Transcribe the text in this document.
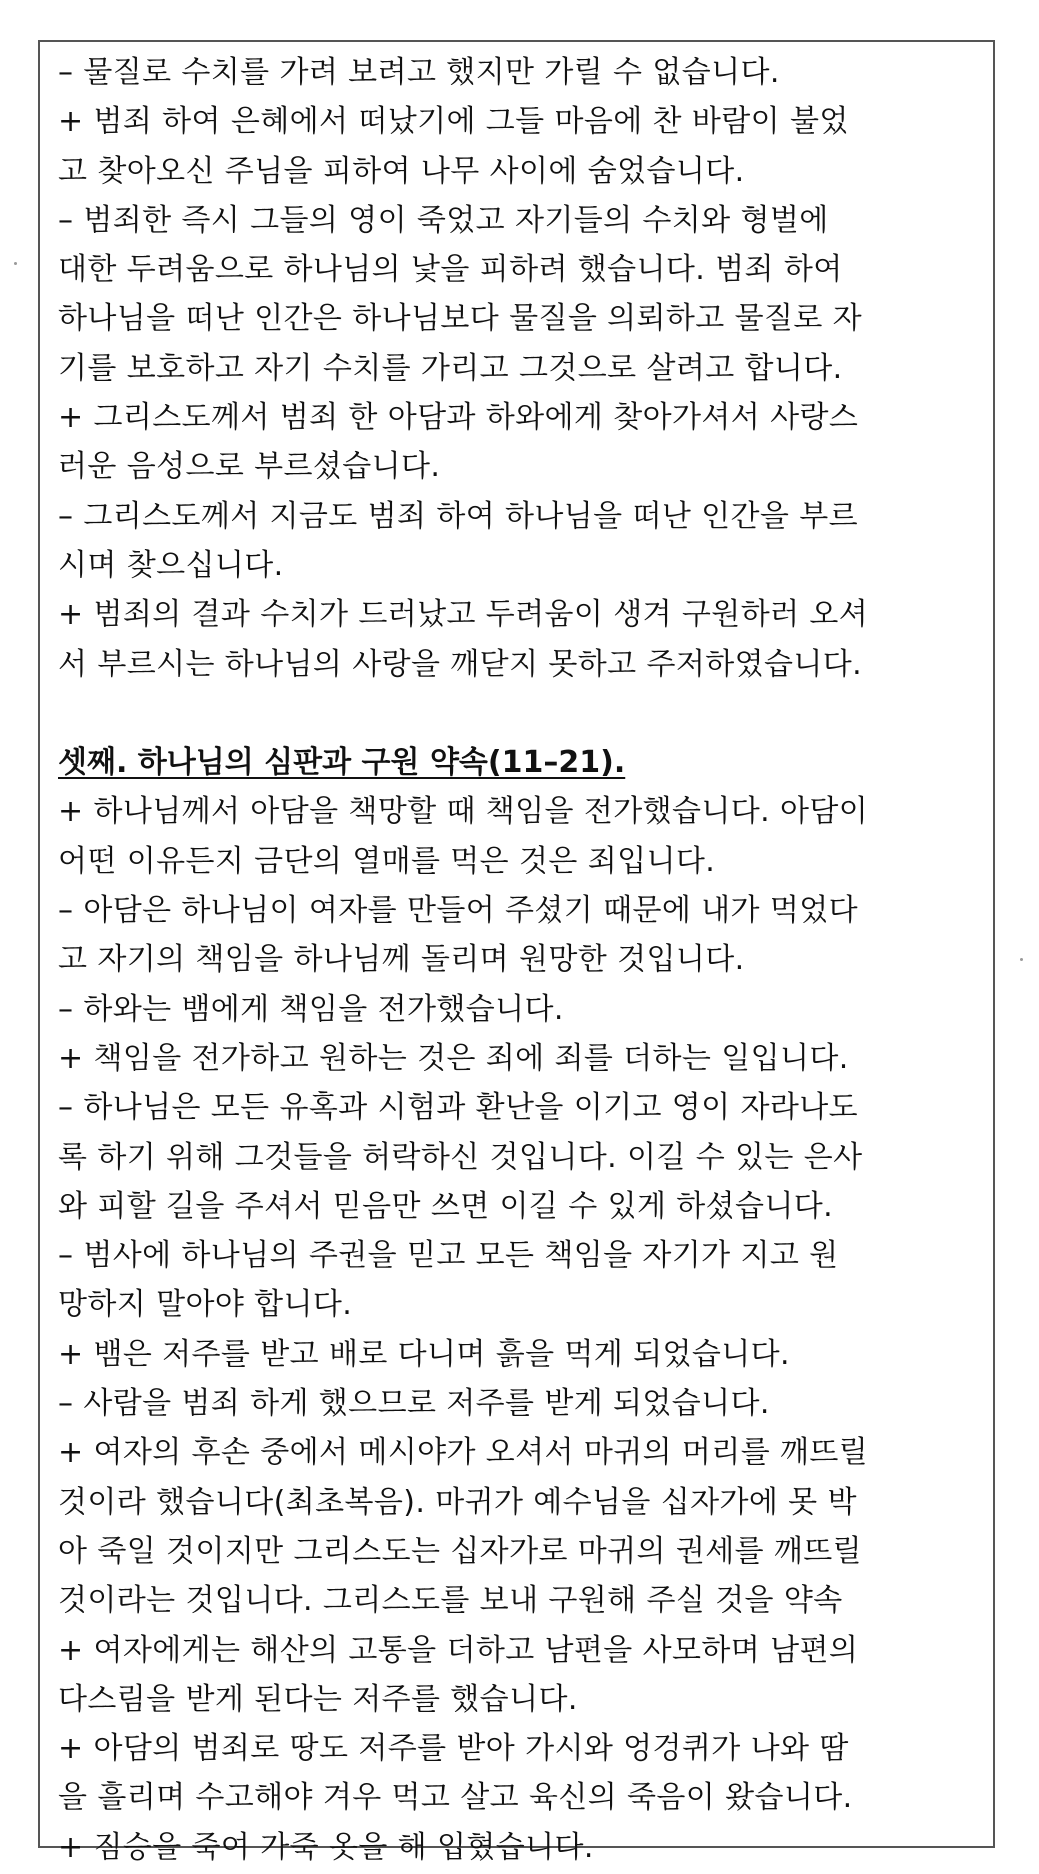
– 물질로 수치를 가려 보려고 했지만 가릴 수 없습니다.
+ 범죄 하여 은혜에서 떠났기에 그들 마음에 찬 바람이 불었
고 찾아오신 주님을 피하여 나무 사이에 숨었습니다.
– 범죄한 즉시 그들의 영이 죽었고 자기들의 수치와 형벌에
대한 두려움으로 하나님의 낯을 피하려 했습니다. 범죄 하여
하나님을 떠난 인간은 하나님보다 물질을 의뢰하고 물질로 자
기를 보호하고 자기 수치를 가리고 그것으로 살려고 합니다.
+ 그리스도께서 범죄 한 아담과 하와에게 찾아가셔서 사랑스
러운 음성으로 부르셨습니다.
– 그리스도께서 지금도 범죄 하여 하나님을 떠난 인간을 부르
시며 찾으십니다.
+ 범죄의 결과 수치가 드러났고 두려움이 생겨 구원하러 오셔
서 부르시는 하나님의 사랑을 깨닫지 못하고 주저하였습니다.
셋째. 하나님의 심판과 구원 약속(11–21).
+ 하나님께서 아담을 책망할 때 책임을 전가했습니다. 아담이
어떤 이유든지 금단의 열매를 먹은 것은 죄입니다.
– 아담은 하나님이 여자를 만들어 주셨기 때문에 내가 먹었다
고 자기의 책임을 하나님께 돌리며 원망한 것입니다.
– 하와는 뱀에게 책임을 전가했습니다.
+ 책임을 전가하고 원하는 것은 죄에 죄를 더하는 일입니다.
– 하나님은 모든 유혹과 시험과 환난을 이기고 영이 자라나도
록 하기 위해 그것들을 허락하신 것입니다. 이길 수 있는 은사
와 피할 길을 주셔서 믿음만 쓰면 이길 수 있게 하셨습니다.
– 범사에 하나님의 주권을 믿고 모든 책임을 자기가 지고 원
망하지 말아야 합니다.
+ 뱀은 저주를 받고 배로 다니며 흙을 먹게 되었습니다.
– 사람을 범죄 하게 했으므로 저주를 받게 되었습니다.
+ 여자의 후손 중에서 메시야가 오셔서 마귀의 머리를 깨뜨릴
것이라 했습니다(최초복음). 마귀가 예수님을 십자가에 못 박
아 죽일 것이지만 그리스도는 십자가로 마귀의 권세를 깨뜨릴
것이라는 것입니다. 그리스도를 보내 구원해 주실 것을 약속
+ 여자에게는 해산의 고통을 더하고 남편을 사모하며 남편의
다스림을 받게 된다는 저주를 했습니다.
+ 아담의 범죄로 땅도 저주를 받아 가시와 엉겅퀴가 나와 땀
을 흘리며 수고해야 겨우 먹고 살고 육신의 죽음이 왔습니다.
+ 짐승을 죽여 가죽 옷을 해 입혔습니다.
